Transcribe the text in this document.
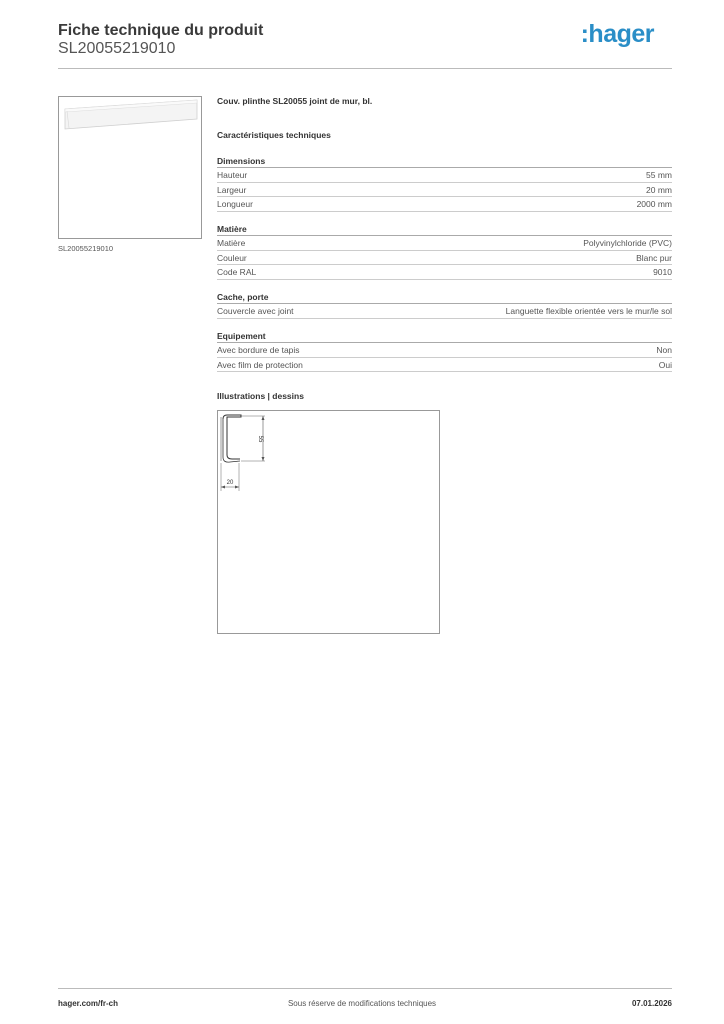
Fiche technique du produit
SL20055219010
:hager
SL20055219010
Couv. plinthe SL20055 joint de mur, bl.
Caractéristiques techniques
Dimensions
Hauteur	55 mm
Largeur	20 mm
Longueur	2000 mm
Matière
Matière	Polyvinylchloride (PVC)
Couleur	Blanc pur
Code RAL	9010
Cache, porte
Couvercle avec joint	Languette flexible orientée vers le mur/le sol
Equipement
Avec bordure de tapis	Non
Avec film de protection	Oui
Illustrations | dessins
55
20
hager.com/fr-ch	Sous réserve de modifications techniques	07.01.2026
